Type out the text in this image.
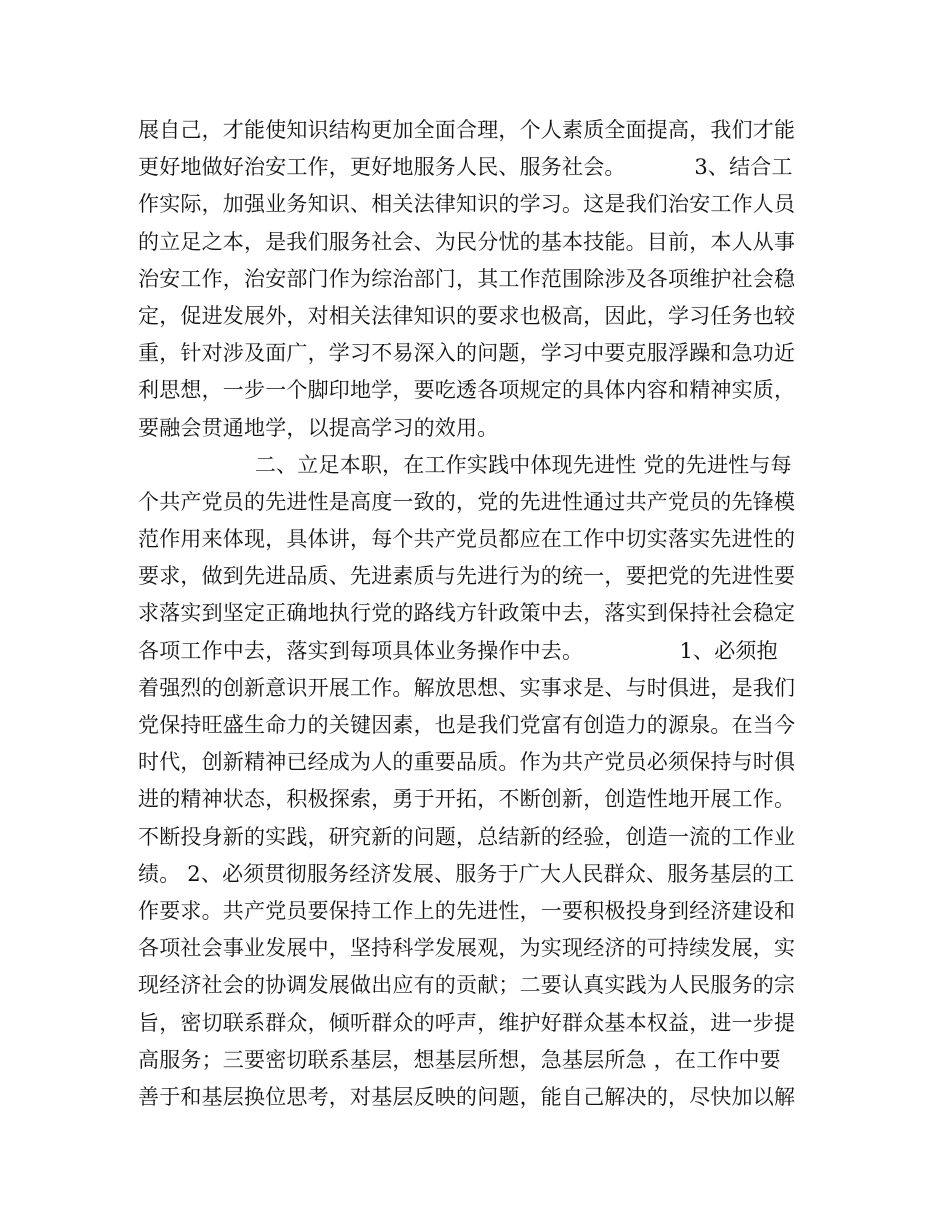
展自己，才能使知识结构更加全面合理，个人素质全面提高，我们才能
更好地做好治安工作，更好地服务人民、服务社会。          3、结合工
作实际，加强业务知识、相关法律知识的学习。这是我们治安工作人员
的立足之本，是我们服务社会、为民分忧的基本技能。目前，本人从事
治安工作，治安部门作为综治部门，其工作范围除涉及各项维护社会稳
定，促进发展外，对相关法律知识的要求也极高，因此，学习任务也较
重，针对涉及面广，学习不易深入的问题，学习中要克服浮躁和急功近
利思想，一步一个脚印地学，要吃透各项规定的具体内容和精神实质，
要融会贯通地学，以提高学习的效用。
二、立足本职，在工作实践中体现先进性 党的先进性与每
个共产党员的先进性是高度一致的，党的先进性通过共产党员的先锋模
范作用来体现，具体讲，每个共产党员都应在工作中切实落实先进性的
要求，做到先进品质、先进素质与先进行为的统一，要把党的先进性要
求落实到坚定正确地执行党的路线方针政策中去，落实到保持社会稳定
各项工作中去，落实到每项具体业务操作中去。              1、必须抱
着强烈的创新意识开展工作。解放思想、实事求是、与时俱进，是我们
党保持旺盛生命力的关键因素，也是我们党富有创造力的源泉。在当今
时代，创新精神已经成为人的重要品质。作为共产党员必须保持与时俱
进的精神状态，积极探索，勇于开拓，不断创新，创造性地开展工作。
不断投身新的实践，研究新的问题，总结新的经验，创造一流的工作业
绩。 2、必须贯彻服务经济发展、服务于广大人民群众、服务基层的工
作要求。共产党员要保持工作上的先进性，一要积极投身到经济建设和
各项社会事业发展中，坚持科学发展观，为实现经济的可持续发展，实
现经济社会的协调发展做出应有的贡献；二要认真实践为人民服务的宗
旨，密切联系群众，倾听群众的呼声，维护好群众基本权益，进一步提
高服务；三要密切联系基层，想基层所想，急基层所急 ，在工作中要
善于和基层换位思考，对基层反映的问题，能自己解决的，尽快加以解
